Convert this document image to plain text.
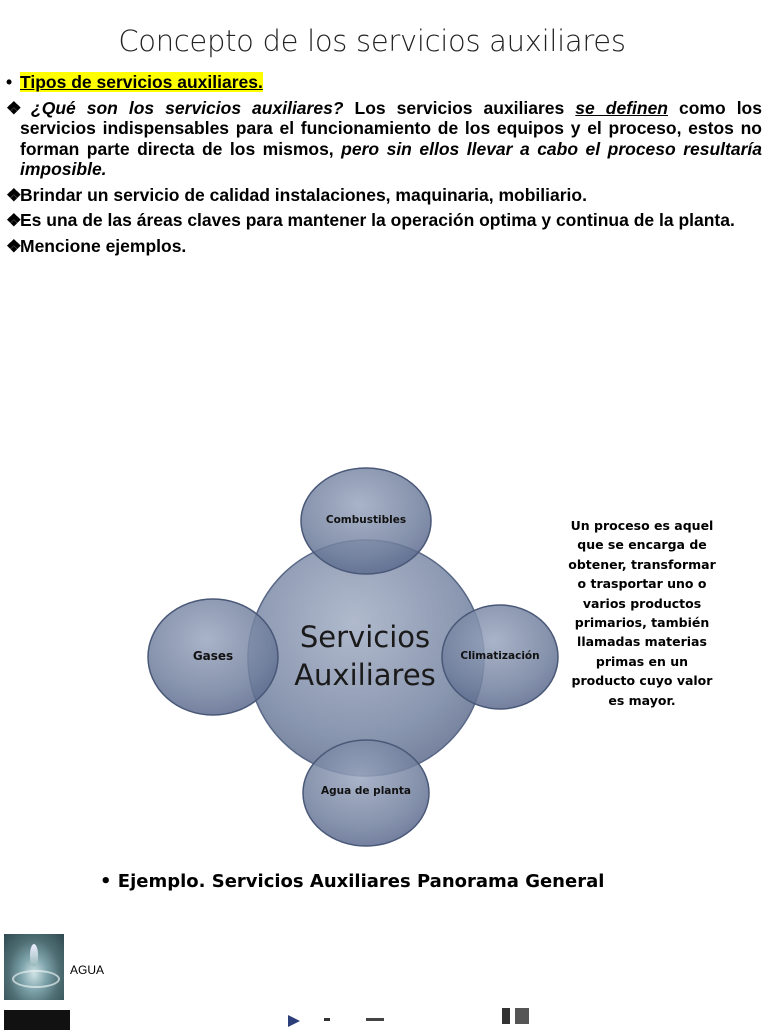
Concepto de los servicios auxiliares
• Tipos de servicios auxiliares.
❖ ¿Qué son los servicios auxiliares? Los servicios auxiliares se definen como los servicios indispensables para el funcionamiento de los equipos y el proceso, estos no forman parte directa de los mismos, pero sin ellos llevar a cabo el proceso resultaría imposible.
❖
Brindar un servicio de calidad instalaciones, maquinaria, mobiliario.
❖
Es una de las áreas claves para mantener la operación optima y continua de la planta.
❖
Mencione ejemplos.
Servicios
Auxiliares
Combustibles
Gases	Climatización
Agua de planta
Un proceso es aquel que se encarga de obtener, transformar o trasportar uno o varios productos primarios, también llamadas materias primas en un producto cuyo valor es mayor.
• Ejemplo. Servicios Auxiliares Panorama General
AGUA
